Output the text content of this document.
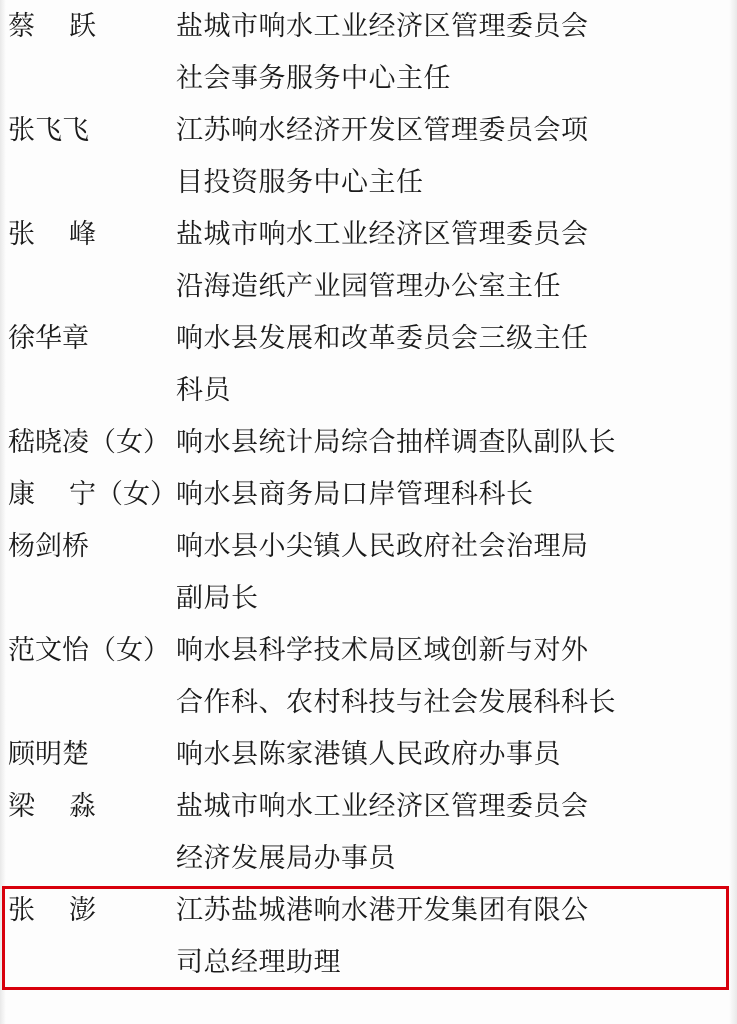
蔡 跃	盐城市响水工业经济区管理委员会
社会事务服务中心主任
张飞飞	江苏响水经济开发区管理委员会项
目投资服务中心主任
张 峰	盐城市响水工业经济区管理委员会
沿海造纸产业园管理办公室主任
徐华章	响水县发展和改革委员会三级主任
科员
嵇晓凌（女） 响水县统计局综合抽样调查队副队长
康 宁（女） 响水县商务局口岸管理科科长
杨剑桥	响水县小尖镇人民政府社会治理局
副局长
范文怡（女） 响水县科学技术局区域创新与对外
合作科、农村科技与社会发展科科长
顾明楚	响水县陈家港镇人民政府办事员
梁 淼	盐城市响水工业经济区管理委员会
经济发展局办事员
张 澎	江苏盐城港响水港开发集团有限公
司总经理助理
